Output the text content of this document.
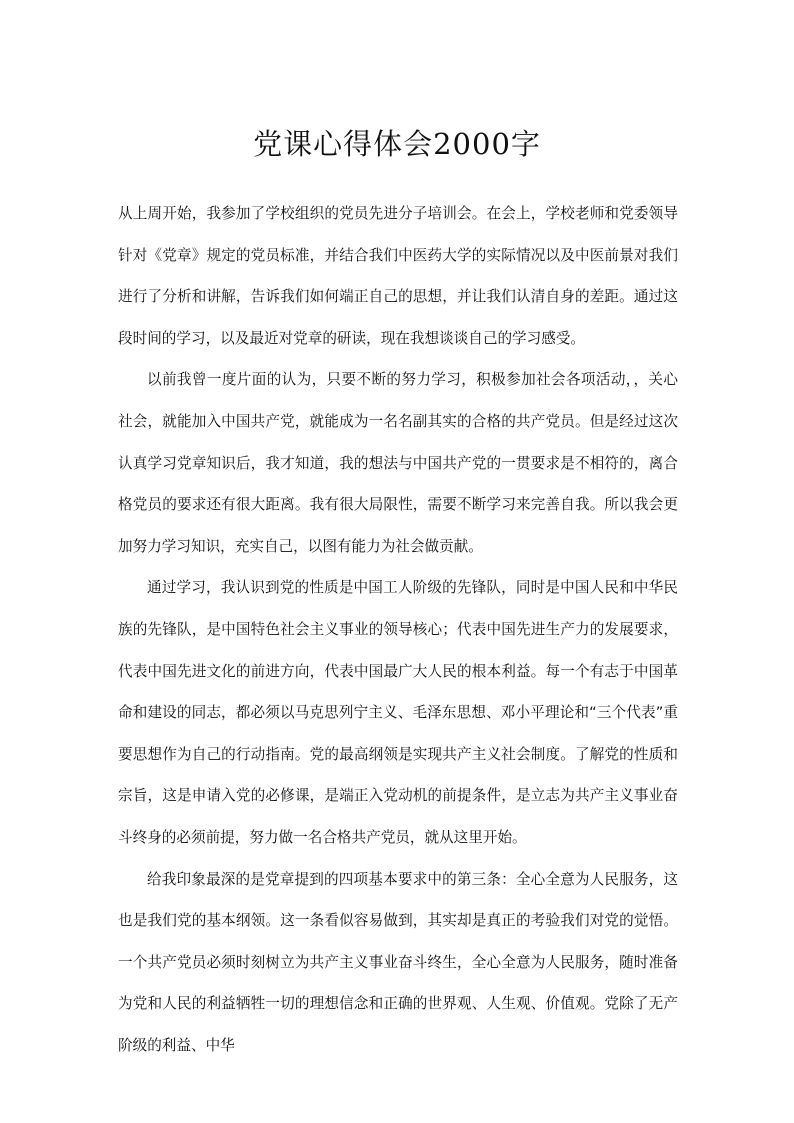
党课心得体会2000字

从上周开始，我参加了学校组织的党员先进分子培训会。在会上，学校老师和党委领导针对《党章》规定的党员标准，并结合我们中医药大学的实际情况以及中医前景对我们进行了分析和讲解，告诉我们如何端正自己的思想，并让我们认清自身的差距。通过这段时间的学习，以及最近对党章的研读，现在我想谈谈自己的学习感受。

以前我曾一度片面的认为，只要不断的努力学习，积极参加社会各项活动，，关心社会，就能加入中国共产党，就能成为一名名副其实的合格的共产党员。但是经过这次认真学习党章知识后，我才知道，我的想法与中国共产党的一贯要求是不相符的，离合格党员的要求还有很大距离。我有很大局限性，需要不断学习来完善自我。所以我会更加努力学习知识，充实自己，以图有能力为社会做贡献。

通过学习，我认识到党的性质是中国工人阶级的先锋队，同时是中国人民和中华民族的先锋队，是中国特色社会主义事业的领导核心；代表中国先进生产力的发展要求，代表中国先进文化的前进方向，代表中国最广大人民的根本利益。每一个有志于中国革命和建设的同志，都必须以马克思列宁主义、毛泽东思想、邓小平理论和“三个代表”重要思想作为自己的行动指南。党的最高纲领是实现共产主义社会制度。了解党的性质和宗旨，这是申请入党的必修课，是端正入党动机的前提条件，是立志为共产主义事业奋斗终身的必须前提，努力做一名合格共产党员，就从这里开始。

给我印象最深的是党章提到的四项基本要求中的第三条：全心全意为人民服务，这也是我们党的基本纲领。这一条看似容易做到，其实却是真正的考验我们对党的觉悟。一个共产党员必须时刻树立为共产主义事业奋斗终生，全心全意为人民服务，随时准备为党和人民的利益牺牲一切的理想信念和正确的世界观、人生观、价值观。党除了无产阶级的利益、中华
